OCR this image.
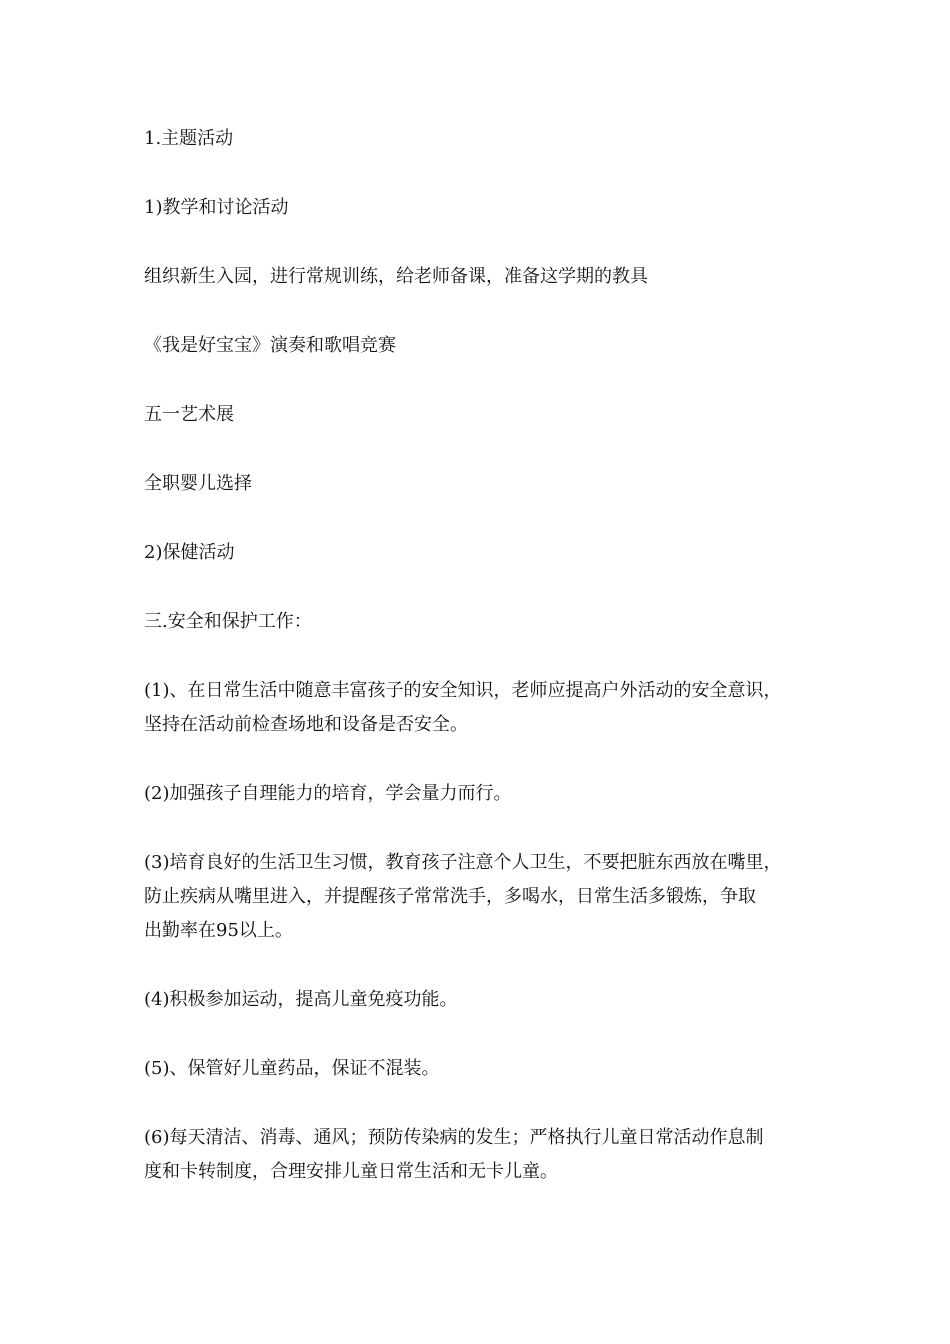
1.主题活动

1)教学和讨论活动

组织新生入园，进行常规训练，给老师备课，准备这学期的教具

《我是好宝宝》演奏和歌唱竞赛

五一艺术展

全职婴儿选择

2)保健活动

三.安全和保护工作：

(1)、在日常生活中随意丰富孩子的安全知识，老师应提高户外活动的安全意识，
坚持在活动前检查场地和设备是否安全。

(2)加强孩子自理能力的培育，学会量力而行。

(3)培育良好的生活卫生习惯，教育孩子注意个人卫生，不要把脏东西放在嘴里，
防止疾病从嘴里进入，并提醒孩子常常洗手，多喝水，日常生活多锻炼，争取
出勤率在95以上。

(4)积极参加运动，提高儿童免疫功能。

(5)、保管好儿童药品，保证不混装。

(6)每天清洁、消毒、通风；预防传染病的发生；严格执行儿童日常活动作息制
度和卡转制度，合理安排儿童日常生活和无卡儿童。
